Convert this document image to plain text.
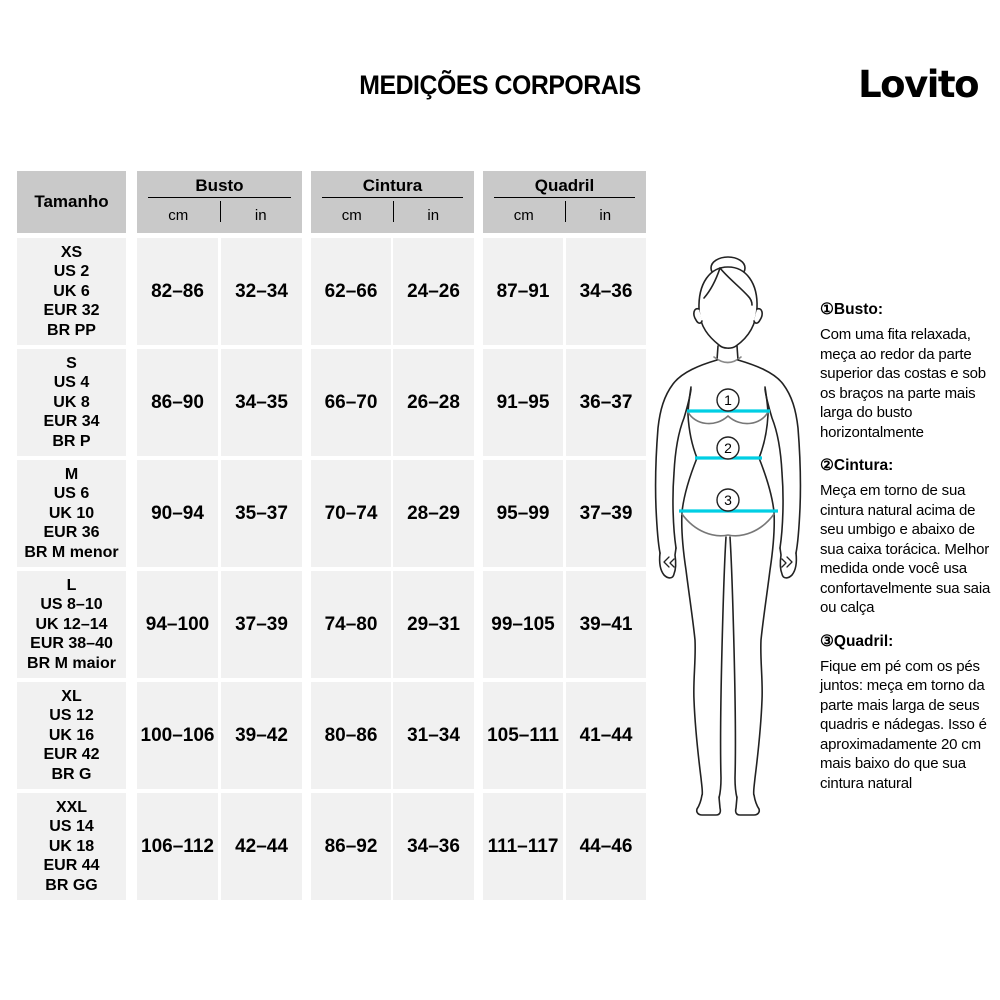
MEDIÇÕES CORPORAIS	Lovito
Tamanho
Busto
cm	in
Cintura
cm	in
Quadril
cm	in
XS
US 2
UK 6
EUR 32
BR PP
82–86	32–34	62–66	24–26	87–91	34–36
S
US 4
UK 8
EUR 34
BR P
86–90	34–35	66–70	26–28	91–95	36–37
M
US 6
UK 10
EUR 36
BR M menor
90–94	35–37	70–74	28–29	95–99	37–39
L
US 8–10
UK 12–14
EUR 38–40
BR M maior
94–100	37–39	74–80	29–31	99–105	39–41
XL
US 12
UK 16
EUR 42
BR G
100–106	39–42	80–86	31–34	105–111	41–44
XXL
US 14
UK 18
EUR 44
BR GG
106–112	42–44	86–92	34–36	111–117	44–46
1
2
3
①Busto:

Com uma fita relaxada, meça ao redor da parte superior das costas e sob os braços na parte mais larga do busto horizontalmente

②Cintura:

Meça em torno de sua cintura natural acima de seu umbigo e abaixo de sua caixa torácica. Melhor medida onde você usa confortavelmente sua saia ou calça

③Quadril:

Fique em pé com os pés juntos: meça em torno da parte mais larga de seus quadris e nádegas. Isso é aproximadamente 20 cm mais baixo do que sua cintura natural
